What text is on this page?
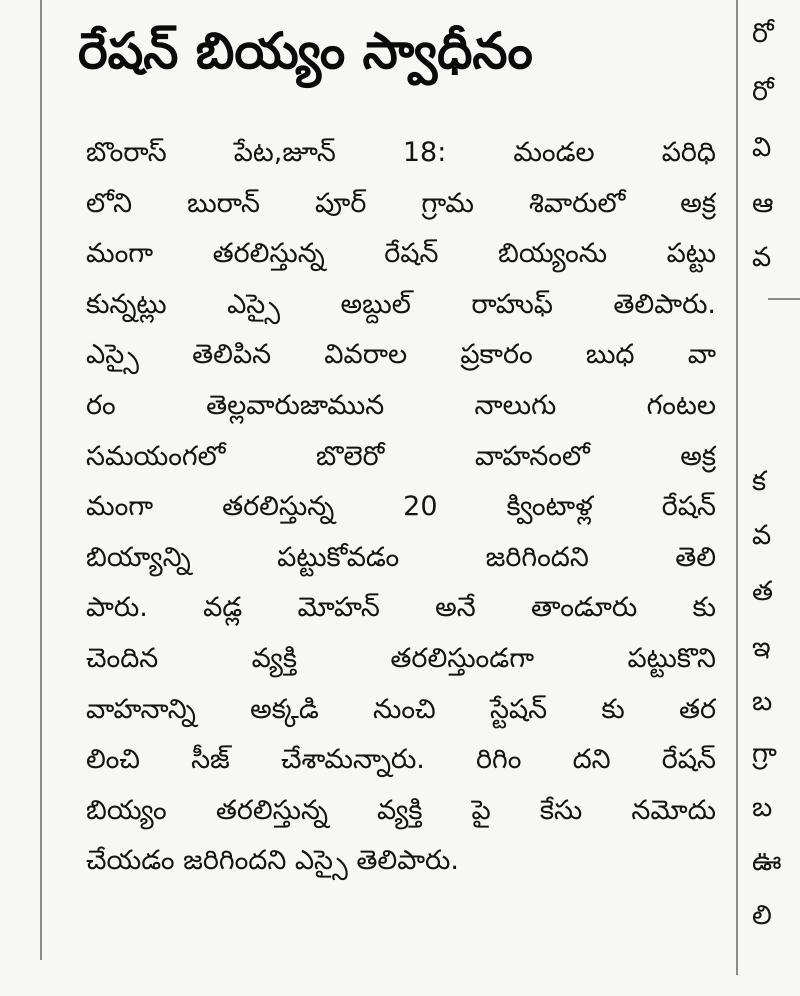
రేషన్ బియ్యం స్వాధీనం
బొంరాస్ పేట,జూన్ 18: మండల పరిధి
లోని బురాన్ పూర్ గ్రామ శివారులో అక్ర
మంగా తరలిస్తున్న రేషన్ బియ్యంను పట్టు
కున్నట్లు ఎస్సై అబ్దుల్ రాహుఫ్ తెలిపారు.
ఎస్సై తెలిపిన వివరాల ప్రకారం బుధ వా
రం తెల్లవారుజామున నాలుగు గంటల
సమయంగలో బొలెరో వాహనంలో అక్ర
మంగా తరలిస్తున్న 20 క్వింటాళ్ల రేషన్
బియ్యాన్ని పట్టుకోవడం జరిగిందని తెలి
పారు. వడ్ల మోహన్ అనే తాండూరు కు
చెందిన వ్యక్తి తరలిస్తుండగా పట్టుకొని
వాహనాన్ని అక్కడి నుంచి స్టేషన్ కు తర
లించి సీజ్ చేశామన్నారు. రిగిం దని రేషన్
బియ్యం తరలిస్తున్న వ్యక్తి పై కేసు నమోదు
చేయడం జరిగిందని ఎస్సై తెలిపారు.
రో
రో
వి
ఆ
వ
క
వ
త
ఇ
బ
గ్రా
బ
ఊ
లి
